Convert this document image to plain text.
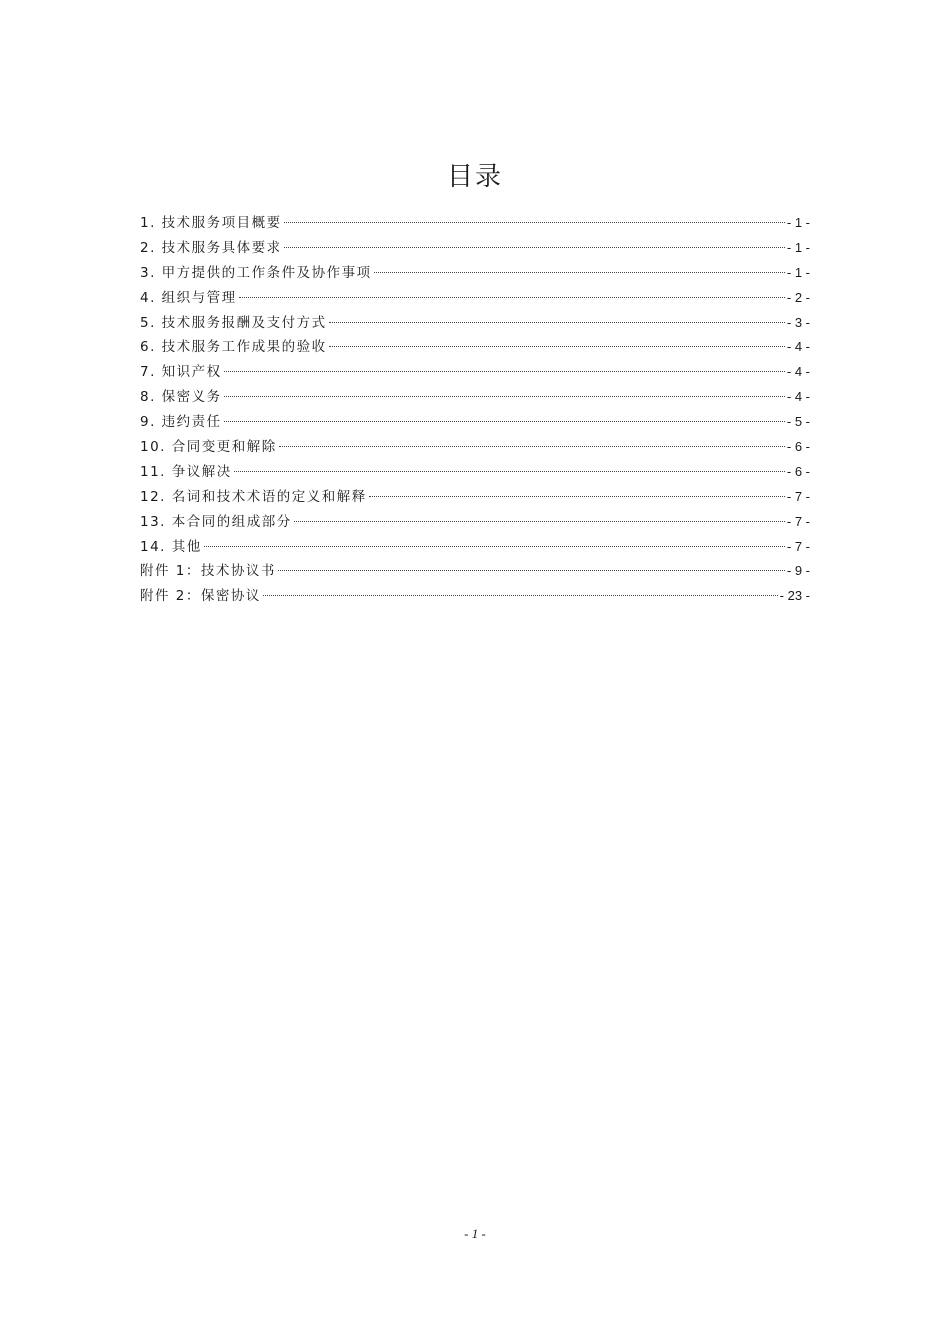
目录
1. 技术服务项目概要	- 1 -
2. 技术服务具体要求	- 1 -
3. 甲方提供的工作条件及协作事项	- 1 -
4. 组织与管理	- 2 -
5. 技术服务报酬及支付方式	- 3 -
6. 技术服务工作成果的验收	- 4 -
7. 知识产权	- 4 -
8. 保密义务	- 4 -
9. 违约责任	- 5 -
10. 合同变更和解除	- 6 -
11. 争议解决	- 6 -
12. 名词和技术术语的定义和解释	- 7 -
13. 本合同的组成部分	- 7 -
14. 其他	- 7 -
附件 1：技术协议书	- 9 -
附件 2：保密协议	- 23 -
- 1 -
